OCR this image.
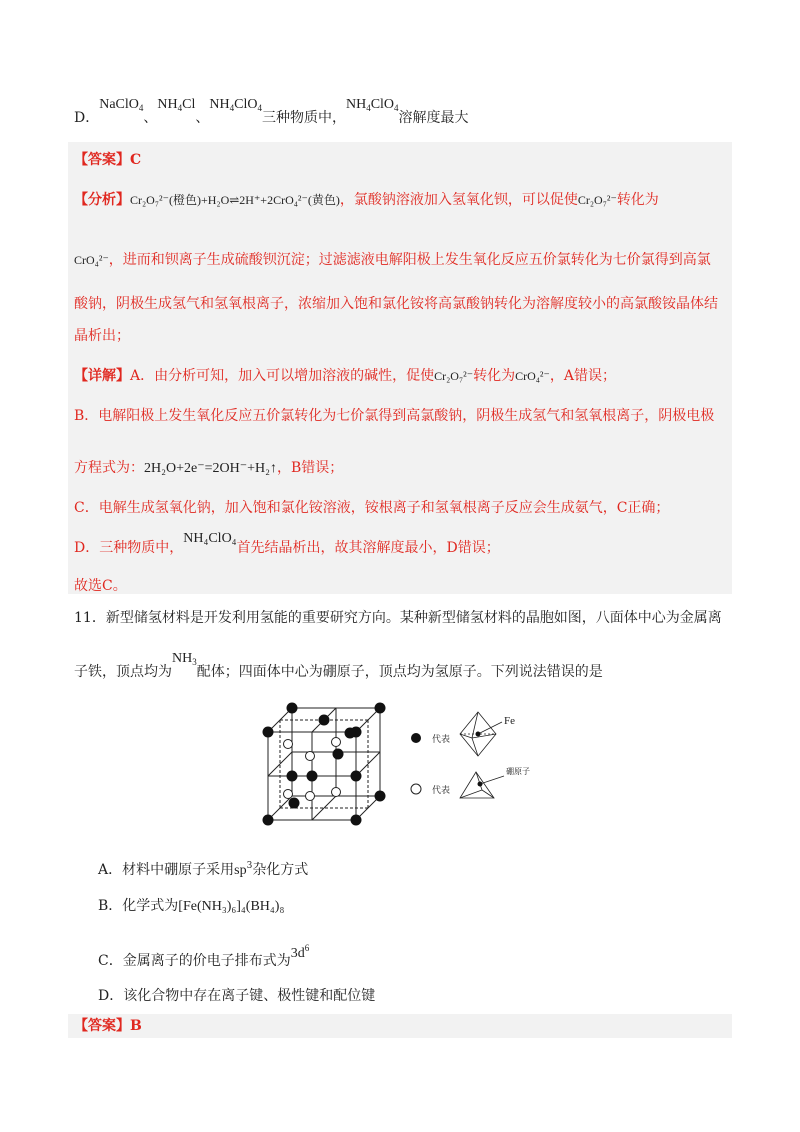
D．NaClO$_4$、$NH_4Cl$、$NH_4ClO_4$三种物质中，$NH_4ClO_4$溶解度最大
【答案】C
【分析】Cr₂O₇²⁻(橙色)+H₂O⇌2H⁺+2CrO₄²⁻(黄色)，氯酸钠溶液加入氢氧化钡，可以促使Cr₂O₇²⁻转化为
CrO₄²⁻，进而和钡离子生成硫酸钡沉淀；过滤滤液电解阳极上发生氧化反应五价氯转化为七价氯得到高氯
酸钠，阴极生成氢气和氢氧根离子，浓缩加入饱和氯化铵将高氯酸钠转化为溶解度较小的高氯酸铵晶体结
晶析出；
【详解】A．由分析可知，加入可以增加溶液的碱性，促使Cr₂O₇²⁻转化为CrO₄²⁻，A错误；
B．电解阳极上发生氧化反应五价氯转化为七价氯得到高氯酸钠，阴极生成氢气和氢氧根离子，阴极电极
方程式为：2H₂O+2e⁻=2OH⁻+H₂↑，B错误；
C．电解生成氢氧化钠，加入饱和氯化铵溶液，铵根离子和氢氧根离子反应会生成氨气，C正确；
D．三种物质中，NH₄ClO₄首先结晶析出，故其溶解度最小，D错误；
故选C。
11．新型储氢材料是开发利用氢能的重要研究方向。某种新型储氢材料的晶胞如图，八面体中心为金属离
子铁，顶点均为$NH_3$配体；四面体中心为硼原子，顶点均为氢原子。下列说法错误的是
代表
代表
Fe
硼原子
A．材料中硼原子采用$sp^3$杂化方式
B．化学式为[Fe(NH₃)₆]₄(BH₄)₈
C．金属离子的价电子排布式为$3d^6$
D．该化合物中存在离子键、极性键和配位键
【答案】B
